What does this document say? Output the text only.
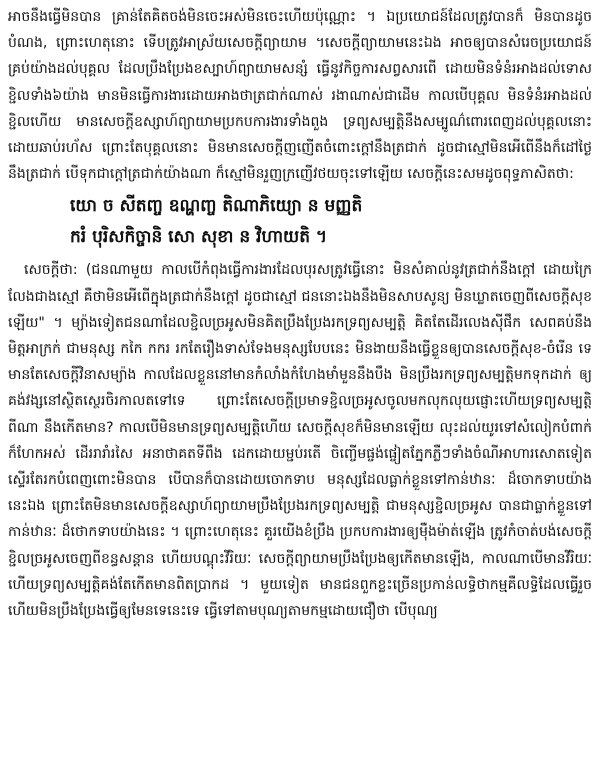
អាចនឹងធ្វើមិនបាន គ្រាន់តែគិតចង់មិនចេះអស់មិនចេះហើយប៉ុណ្ណោះ ។ ឯប្រយោជន៍ដែលត្រូវបានក៏ មិនបានដូចបំណង, ព្រោះហេតុនោះ ទើបត្រូវអាស្រ័យសេចក្តីព្យាយាម ។សេចក្តីព្យាយាមនេះឯង អាចឲ្យបានសំរេចប្រយោជន៍គ្រប់យ៉ាងដល់បុគ្គល ដែលប្រឹងប្រែងខស្បាហ៍ព្យាយាមសន្សំ ធ្វើនូវកិច្ចការសព្វសារពើ ដោយមិនទំនំរអាងដល់ទោសខ្ជិលទាំង៦យ៉ាង មានមិនធ្វើការងារដោយអាងថាត្រជាក់ណាស់ រងាណាស់ជាដើម កាលបើបុគ្គល មិនទំនំរអាងដល់ខ្ជិលហើយ មានសេចក្តីឧស្សាហ៍ព្យាយាមប្រកបការងារទាំងពួង ទ្រព្យសម្បត្តិនឹងសម្បូណ៌ពោរពេញដល់បុគ្គលនោះ ដោយឆាប់រហ័ស ព្រោះតែបុគ្គលនោះ មិនមានសេចក្តីញញើតចំពោះក្តៅនឹងត្រជាក់ ដូចជាស្មៅមិនអើពើនឹងក៏ដៅថ្ងៃ នឹងត្រជាក់ បើទុកជាក្តៅត្រជាក់យ៉ាងណា ក៏ស្មៅមិនរួញក្រញើវថយចុះទៅឡើយ សេចក្តីនេះសមដូចពុទ្ធភាសិតថា:

យោ ច សីតញ្ច ឧណ្ហញ្ច តិណាភិយ្យោ ន មញ្ញតិ
ករំ បុរិសកិច្ចានិ សោ សុខា ន វិហាយតិ ។

សេចក្តីថា: (ជនណាមួយ កាលបើកំពុងធ្វើការងារដែលបុរសត្រូវធ្វើនោះ មិនសំគាល់នូវត្រជាក់នឹងក្តៅ ដោយក្រៃលែងជាងស្មៅ គឺថាមិនអើពើក្នុងត្រជាក់នឹងក្តៅ ដូចជាស្មៅ ជននោះឯងនឹងមិនសាបសូន្យ មិនឃ្លាតចេញពីសេចក្តីសុខឡើយ" ។ ម្យ៉ាងទៀតជនណាដែលខ្ជិលច្រអូសមិនគិតប្រឹងប្រែងរកទ្រព្យសម្បត្តិ គិតតែដើរលេងស៊ីផឹក សេពគប់នឹងមិត្តអាក្រក់ ជាមនុស្ស កកៃ កករ រកតែរឿងទាស់ទែងមនុស្សបែបនេះ មិនងាយនឹងធ្វើខ្លួនឲ្យបានសេចក្តីសុខ-ចំរើន ទេមានតែសេចក្តីវិនាសម្យ៉ាង កាលដែលខ្លួននៅមានកំលាំងកំហែងមាំមួននឹងបឹង មិនប្រឹងរកទ្រព្យសម្បត្តិមកទុកដាក់ ឲ្យគង់វង្សនៅស្ថិតស្ថេរចិរកាលតទៅទេ ព្រោះតែសេចក្តីប្រមាទខ្ជិលច្រអូសចូលមកលុកលុយផ្ញោះហើយទ្រព្យសម្បត្តិពីណា នឹងកើតមាន? កាលបើមិនមានទ្រព្យសម្បត្តិហើយ សេចក្តីសុខក៏មិនមានឡើយ លុះដល់យូរទៅសំលៀកបំពាក់ ក៏ហែកអស់ ដើររារាំរសៃ អនាថាគតទីពឹង ដេកដោយម្ជប់រតើ ចិញ្ចើមផ្ចង់ផ្ចៀតភ្នែកភ្លឺៗទាំងចំណីអាហារសោតទៀត ស្ទើរតែរកបំពេញពោះមិនបាន បើបានក៏បានដោយចោកទាប មនុស្សដែលធ្លាក់ខ្លួនទៅកាន់ឋានៈ ដ៏ចោកទាបយ៉ាងនេះឯង ព្រោះតែមិនមានសេចក្តីឧស្សាហ៍ព្យាយាមប្រឹងប្រែងរកទ្រព្យសម្បត្តិ ជាមនុស្សខ្ជិលច្រអូស បានជាធ្លាក់ខ្លួនទៅកាន់ឋានៈ ដ៏ថោកទាបយ៉ាងនេះ ។ ព្រោះហេតុនេះ គួរយើងខំប្រឹង ប្រកបការងារឲ្យម៉ឺងម៉ាត់ឡើង ត្រូវកំចាត់បង់សេចក្តីខ្ជិលច្រអូសចេញពីខន្ធសន្តាន ហើយបណ្តុះវីរិយៈ សេចក្តីព្យាយាមប្រឹងប្រែងឲ្យកើតមានឡើង, កាលណាបើមានវីរិយៈហើយទ្រព្យសម្បត្តិគង់តែកើតមានពិតប្រាកដ ។ មួយទៀត មានជនពួកខ្លះច្រើនប្រកាន់លទ្ធិថាកម្មគឺលទ្ធិដែលធ្វើរួចហើយមិនប្រឹងប្រែងធ្វើឲ្យមែនទេនេះទេ ធ្វើទៅតាមបុណ្យតាមកម្មដោយជឿថា បើបុណ្យ
